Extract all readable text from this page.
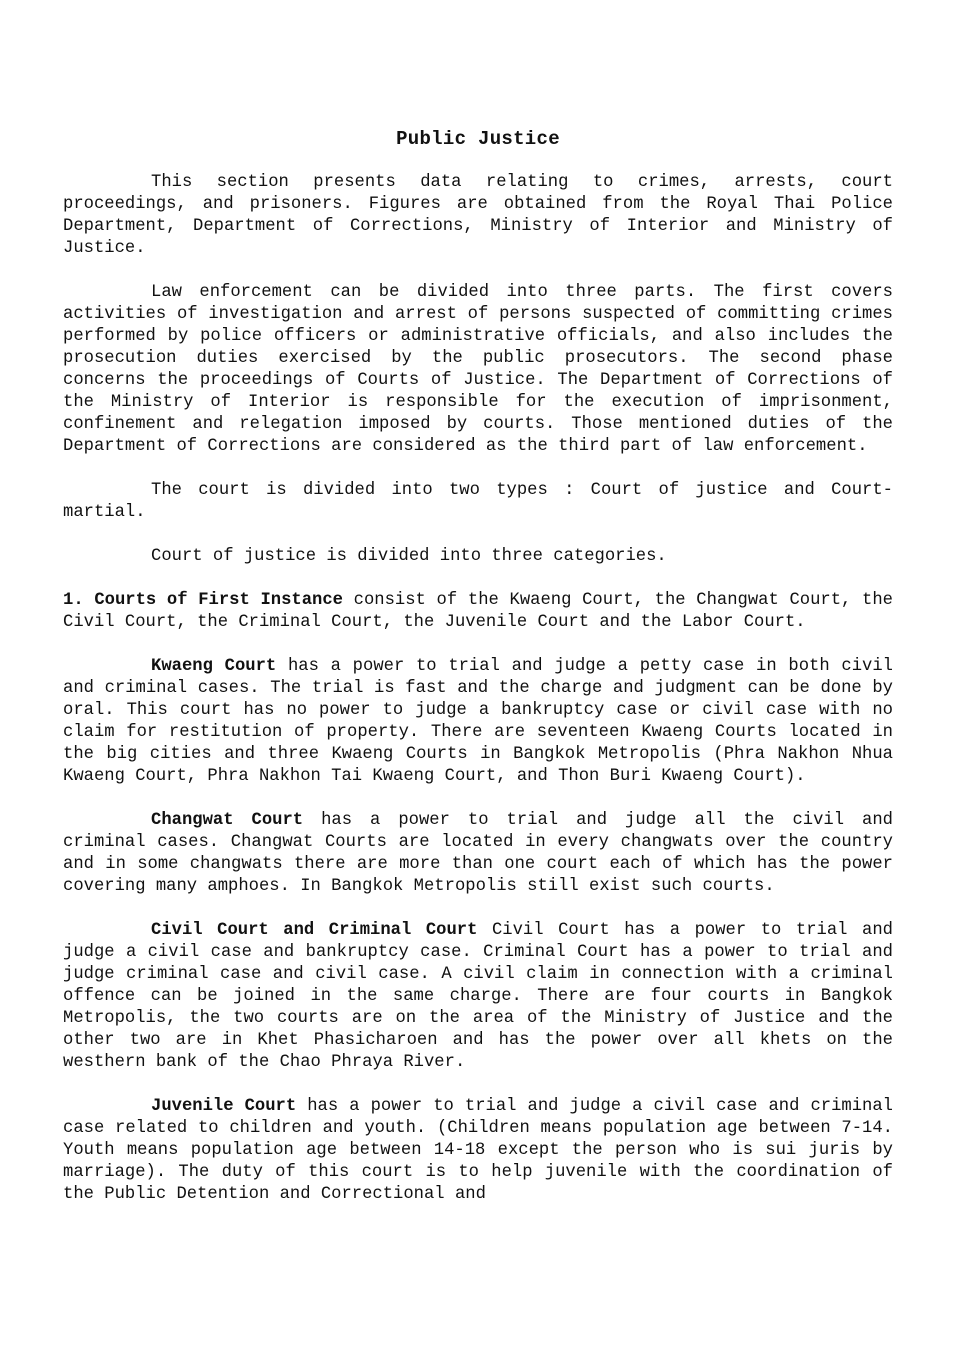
Public Justice

This section presents data relating to crimes, arrests, court proceedings, and prisoners. Figures are obtained from the Royal Thai Police Department, Department of Corrections, Ministry of Interior and Ministry of Justice.

Law enforcement can be divided into three parts. The first covers activities of investigation and arrest of persons suspected of committing crimes performed by police officers or administrative officials, and also includes the prosecution duties exercised by the public prosecutors. The second phase concerns the proceedings of Courts of Justice. The Department of Corrections of the Ministry of Interior is responsible for the execution of imprisonment, confinement and relegation imposed by courts. Those mentioned duties of the Department of Corrections are considered as the third part of law enforcement.

The court is divided into two types : Court of justice and Court-martial.

Court of justice is divided into three categories.

1. Courts of First Instance consist of the Kwaeng Court, the Changwat Court, the Civil Court, the Criminal Court, the Juvenile Court and the Labor Court.

Kwaeng Court has a power to trial and judge a petty case in both civil and criminal cases. The trial is fast and the charge and judgment can be done by oral. This court has no power to judge a bankruptcy case or civil case with no claim for restitution of property. There are seventeen Kwaeng Courts located in the big cities and three Kwaeng Courts in Bangkok Metropolis (Phra Nakhon Nhua Kwaeng Court, Phra Nakhon Tai Kwaeng Court, and Thon Buri Kwaeng Court).

Changwat Court has a power to trial and judge all the civil and criminal cases. Changwat Courts are located in every changwats over the country and in some changwats there are more than one court each of which has the power covering many amphoes. In Bangkok Metropolis still exist such courts.

Civil Court and Criminal Court Civil Court has a power to trial and judge a civil case and bankruptcy case. Criminal Court has a power to trial and judge criminal case and civil case. A civil claim in connection with a criminal offence can be joined in the same charge. There are four courts in Bangkok Metropolis, the two courts are on the area of the Ministry of Justice and the other two are in Khet Phasicharoen and has the power over all khets on the westhern bank of the Chao Phraya River.

Juvenile Court has a power to trial and judge a civil case and criminal case related to children and youth. (Children means population age between 7-14. Youth means population age between 14-18 except the person who is sui juris by marriage). The duty of this court is to help juvenile with the coordination of the Public Detention and Correctional and
